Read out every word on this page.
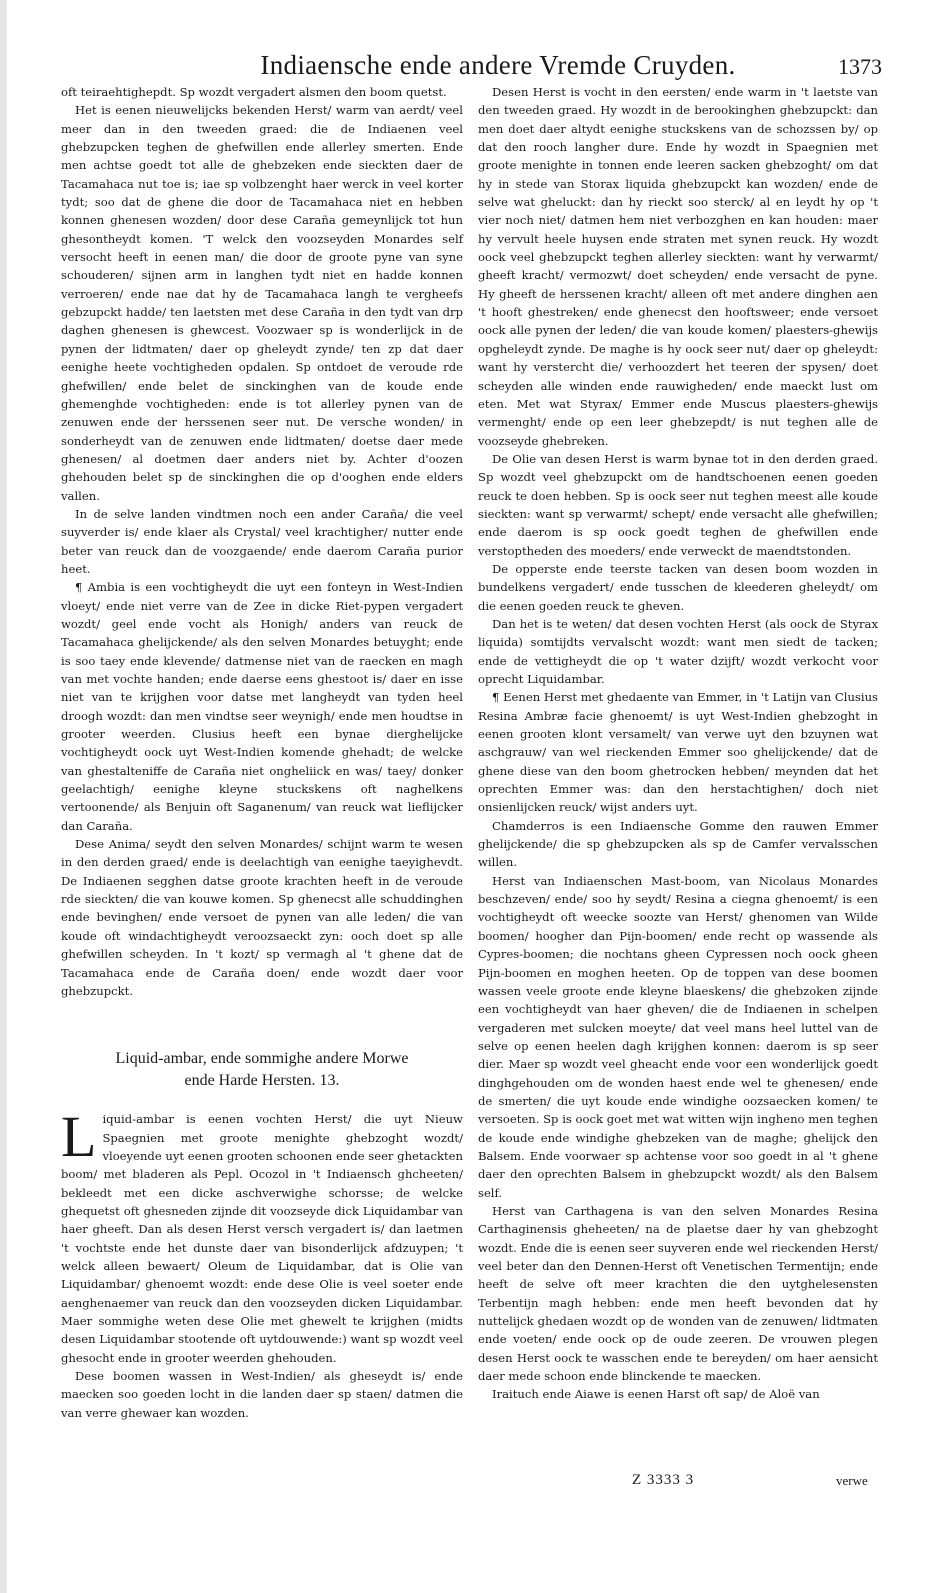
Indiaensche ende andere Vremde Cruyden.	1373

oft teiraehtighepdt. Sp wozdt vergadert alsmen den boom quetst.

Het is eenen nieuwelijcks bekenden Herst/ warm van aerdt/ veel meer dan in den tweeden graed: die de Indiaenen veel ghebzupcken teghen de ghefwillen ende allerley smerten. Ende men achtse goedt tot alle de ghebzeken ende sieckten daer de Tacamahaca nut toe is; iae sp volbzenght haer werck in veel korter tydt; soo dat de ghene die door de Tacamahaca niet en hebben konnen ghenesen wozden/ door dese Caraña gemeynlijck tot hun ghesontheydt komen. 'T welck den voozseyden Monardes self versocht heeft in eenen man/ die door de groote pyne van syne schouderen/ sijnen arm in langhen tydt niet en hadde konnen verroeren/ ende nae dat hy de Tacamahaca langh te vergheefs gebzupckt hadde/ ten laetsten met dese Caraña in den tydt van drp daghen ghenesen is ghewcest. Voozwaer sp is wonderlijck in de pynen der lidtmaten/ daer op gheleydt zynde/ ten zp dat daer eenighe heete vochtigheden opdalen. Sp ontdoet de veroude rde ghefwillen/ ende belet de sinckinghen van de koude ende ghemenghde vochtigheden: ende is tot allerley pynen van de zenuwen ende der herssenen seer nut. De versche wonden/ in sonderheydt van de zenuwen ende lidtmaten/ doetse daer mede ghenesen/ al doetmen daer anders niet by. Achter d'oozen ghehouden belet sp de sinckinghen die op d'ooghen ende elders vallen.

In de selve landen vindtmen noch een ander Caraña/ die veel suyverder is/ ende klaer als Crystal/ veel krachtigher/ nutter ende beter van reuck dan de voozgaende/ ende daerom Caraña purior heet.

¶ Ambia is een vochtigheydt die uyt een fonteyn in West-Indien vloeyt/ ende niet verre van de Zee in dicke Riet-pypen vergadert wozdt/ geel ende vocht als Honigh/ anders van reuck de Tacamahaca ghelijckende/ als den selven Monardes betuyght; ende is soo taey ende klevende/ datmense niet van de raecken en magh van met vochte handen; ende daerse eens ghestoot is/ daer en isse niet van te krijghen voor datse met langheydt van tyden heel droogh wozdt: dan men vindtse seer weynigh/ ende men houdtse in grooter weerden. Clusius heeft een bynae dierghelijcke vochtigheydt oock uyt West-Indien komende ghehadt; de welcke van ghestalteniffe de Caraña niet ongheliick en was/ taey/ donker geelachtigh/ eenighe kleyne stuckskens oft naghelkens vertoonende/ als Benjuin oft Saganenum/ van reuck wat lieflijcker dan Caraña.

Dese Anima/ seydt den selven Monardes/ schijnt warm te wesen in den derden graed/ ende is deelachtigh van eenighe taeyighevdt. De Indiaenen segghen datse groote krachten heeft in de veroude rde sieckten/ die van kouwe komen. Sp ghenecst alle schuddinghen ende bevinghen/ ende versoet de pynen van alle leden/ die van koude oft windachtigheydt veroozsaeckt zyn: ooch doet sp alle ghefwillen scheyden. In 't kozt/ sp vermagh al 't ghene dat de Tacamahaca ende de Caraña doen/ ende wozdt daer voor ghebzupckt.

Liquid-ambar, ende sommighe andere Morwe
ende Harde Hersten. 13.

Liquid-ambar is eenen vochten Herst/ die uyt Nieuw Spaegnien met groote menighte ghebzoght wozdt/ vloeyende uyt eenen grooten schoonen ende seer ghetackten boom/ met bladeren als Pepl. Ocozol in 't Indiaensch ghcheeten/ bekleedt met een dicke aschverwighe schorsse; de welcke ghequetst oft ghesneden zijnde dit voozseyde dick Liquidambar van haer gheeft. Dan als desen Herst versch vergadert is/ dan laetmen 't vochtste ende het dunste daer van bisonderlijck afdzuypen; 't welck alleen bewaert/ Oleum de Liquidambar, dat is Olie van Liquidambar/ ghenoemt wozdt: ende dese Olie is veel soeter ende aenghenaemer van reuck dan den voozseyden dicken Liquidambar. Maer sommighe weten dese Olie met ghewelt te krijghen (midts desen Liquidambar stootende oft uytdouwende:) want sp wozdt veel ghesocht ende in grooter weerden ghehouden.

Dese boomen wassen in West-Indien/ als gheseydt is/ ende maecken soo goeden locht in die landen daer sp staen/ datmen die van verre ghewaer kan wozden.

Desen Herst is vocht in den eersten/ ende warm in 't laetste van den tweeden graed. Hy wozdt in de berookinghen ghebzupckt: dan men doet daer altydt eenighe stuckskens van de schozssen by/ op dat den rooch langher dure. Ende hy wozdt in Spaegnien met groote menighte in tonnen ende leeren sacken ghebzoght/ om dat hy in stede van Storax liquida ghebzupckt kan wozden/ ende de selve wat gheluckt: dan hy rieckt soo sterck/ al en leydt hy op 't vier noch niet/ datmen hem niet verbozghen en kan houden: maer hy vervult heele huysen ende straten met synen reuck. Hy wozdt oock veel ghebzupckt teghen allerley sieckten: want hy verwarmt/ gheeft kracht/ vermozwt/ doet scheyden/ ende versacht de pyne. Hy gheeft de herssenen kracht/ alleen oft met andere dinghen aen 't hooft ghestreken/ ende ghenecst den hooftsweer; ende versoet oock alle pynen der leden/ die van koude komen/ plaesters-ghewijs opgheleydt zynde. De maghe is hy oock seer nut/ daer op gheleydt: want hy verstercht die/ verhoozdert het teeren der spysen/ doet scheyden alle winden ende rauwigheden/ ende maeckt lust om eten. Met wat Styrax/ Emmer ende Muscus plaesters-ghewijs vermenght/ ende op een leer ghebzepdt/ is nut teghen alle de voozseyde ghebreken.

De Olie van desen Herst is warm bynae tot in den derden graed. Sp wozdt veel ghebzupckt om de handtschoenen eenen goeden reuck te doen hebben. Sp is oock seer nut teghen meest alle koude sieckten: want sp verwarmt/ schept/ ende versacht alle ghefwillen; ende daerom is sp oock goedt teghen de ghefwillen ende verstoptheden des moeders/ ende verweckt de maendtstonden.

De opperste ende teerste tacken van desen boom wozden in bundelkens vergadert/ ende tusschen de kleederen gheleydt/ om die eenen goeden reuck te gheven.

Dan het is te weten/ dat desen vochten Herst (als oock de Styrax liquida) somtijdts vervalscht wozdt: want men siedt de tacken; ende de vettigheydt die op 't water dzijft/ wozdt verkocht voor oprecht Liquidambar.

¶ Eenen Herst met ghedaente van Emmer, in 't Latijn van Clusius Resina Ambræ facie ghenoemt/ is uyt West-Indien ghebzoght in eenen grooten klont versamelt/ van verwe uyt den bzuynen wat aschgrauw/ van wel rieckenden Emmer soo ghelijckende/ dat de ghene diese van den boom ghetrocken hebben/ meynden dat het oprechten Emmer was: dan den herstachtighen/ doch niet onsienlijcken reuck/ wijst anders uyt.

Chamderros is een Indiaensche Gomme den rauwen Emmer ghelijckende/ die sp ghebzupcken als sp de Camfer vervalsschen willen.

Herst van Indiaenschen Mast-boom, van Nicolaus Monardes beschzeven/ ende/ soo hy seydt/ Resina a ciegna ghenoemt/ is een vochtigheydt oft weecke soozte van Herst/ ghenomen van Wilde boomen/ hoogher dan Pijn-boomen/ ende recht op wassende als Cypres-boomen; die nochtans gheen Cypressen noch oock gheen Pijn-boomen en moghen heeten. Op de toppen van dese boomen wassen veele groote ende kleyne blaeskens/ die ghebzoken zijnde een vochtigheydt van haer gheven/ die de Indiaenen in schelpen vergaderen met sulcken moeyte/ dat veel mans heel luttel van de selve op eenen heelen dagh krijghen konnen: daerom is sp seer dier. Maer sp wozdt veel gheacht ende voor een wonderlijck goedt dinghgehouden om de wonden haest ende wel te ghenesen/ ende de smerten/ die uyt koude ende windighe oozsaecken komen/ te versoeten. Sp is oock goet met wat witten wijn ingheno men teghen de koude ende windighe ghebzeken van de maghe; ghelijck den Balsem. Ende voorwaer sp achtense voor soo goedt in al 't ghene daer den oprechten Balsem in ghebzupckt wozdt/ als den Balsem self.

Herst van Carthagena is van den selven Monardes Resina Carthaginensis gheheeten/ na de plaetse daer hy van ghebzoght wozdt. Ende die is eenen seer suyveren ende wel rieckenden Herst/ veel beter dan den Dennen-Herst oft Venetischen Termentijn; ende heeft de selve oft meer krachten die den uytghelesensten Terbentijn magh hebben: ende men heeft bevonden dat hy nuttelijck ghedaen wozdt op de wonden van de zenuwen/ lidtmaten ende voeten/ ende oock op de oude zeeren. De vrouwen plegen desen Herst oock te wasschen ende te bereyden/ om haer aensicht daer mede schoon ende blinckende te maecken.

Iraituch ende Aiawe is eenen Harst oft sap/ de Aloë van

Z 3333 3	verwe
